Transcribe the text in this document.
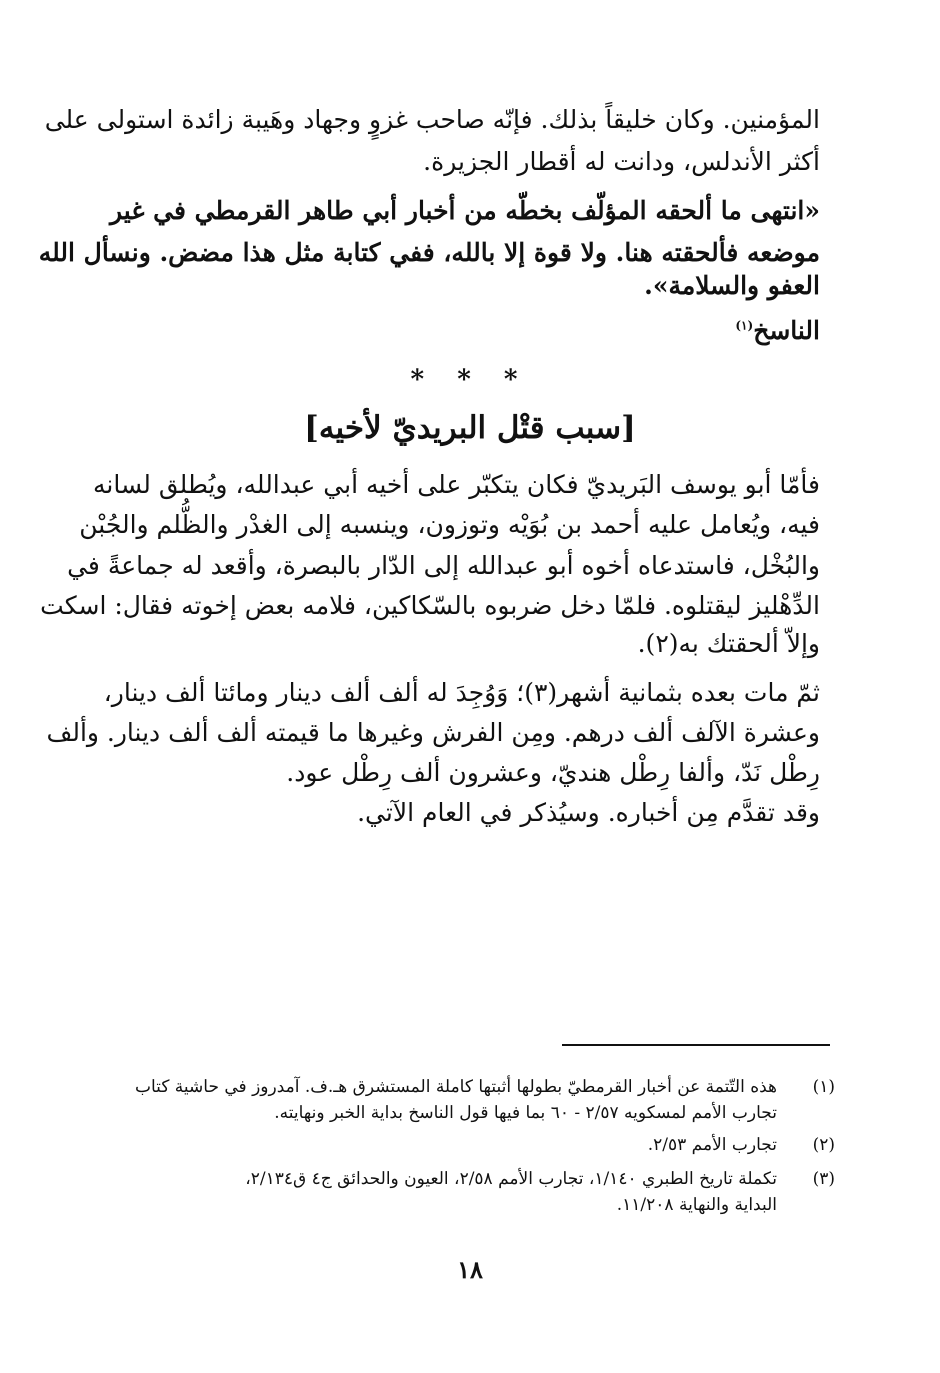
المؤمنين. وكان خليقاً بذلك. فإنّه صاحب غزوٍ وجهاد وهَيبة زائدة استولى على
أكثر الأندلس، ودانت له أقطار الجزيرة.
«انتهى ما ألحقه المؤلّف بخطّه من أخبار أبي طاهر القرمطي في غير
موضعه فألحقته هنا. ولا قوة إلا بالله، ففي كتابة مثل هذا مضض. ونسأل الله
العفو والسلامة».
الناسخ$^{(١)}$
* * *
[سبب قتْل البريديّ لأخيه]
فأمّا أبو يوسف البَريديّ فكان يتكبّر على أخيه أبي عبدالله، ويُطلق لسانه
فيه، ويُعامل عليه أحمد بن بُوَيْه وتوزون، وينسبه إلى الغدْر والظُّلم والجُبْن
والبُخْل، فاستدعاه أخوه أبو عبدالله إلى الدّار بالبصرة، وأقعد له جماعةً في
الدِّهْليز ليقتلوه. فلمّا دخل ضربوه بالسّكاكين، فلامه بعض إخوته فقال: اسكت
وإلاّ ألحقتك به(٢).
ثمّ مات بعده بثمانية أشهر(٣)؛ وَوُجِدَ له ألف ألف دينار ومائتا ألف دينار،
وعشرة الآلف ألف درهم. ومِن الفرش وغيرها ما قيمته ألف ألف دينار. وألف
رِطْل نَدّ، وألفا رِطْل هنديّ، وعشرون ألف رِطْل عود.
وقد تقدَّم مِن أخباره. وسيُذكر في العام الآتي.
(١)
هذه التّتمة عن أخبار القرمطيّ بطولها أثبتها كاملة المستشرق هـ.ف. آمدروز في حاشية كتاب
تجارب الأمم لمسكويه ٢/٥٧ - ٦٠ بما فيها قول الناسخ بداية الخبر ونهايته.
(٢)
تجارب الأمم ٢/٥٣.
(٣)
تكملة تاريخ الطبري ١/١٤٠، تجارب الأمم ٢/٥٨، العيون والحدائق ج٤ ق٢/١٣٤،
البداية والنهاية ١١/٢٠٨.
١٨
